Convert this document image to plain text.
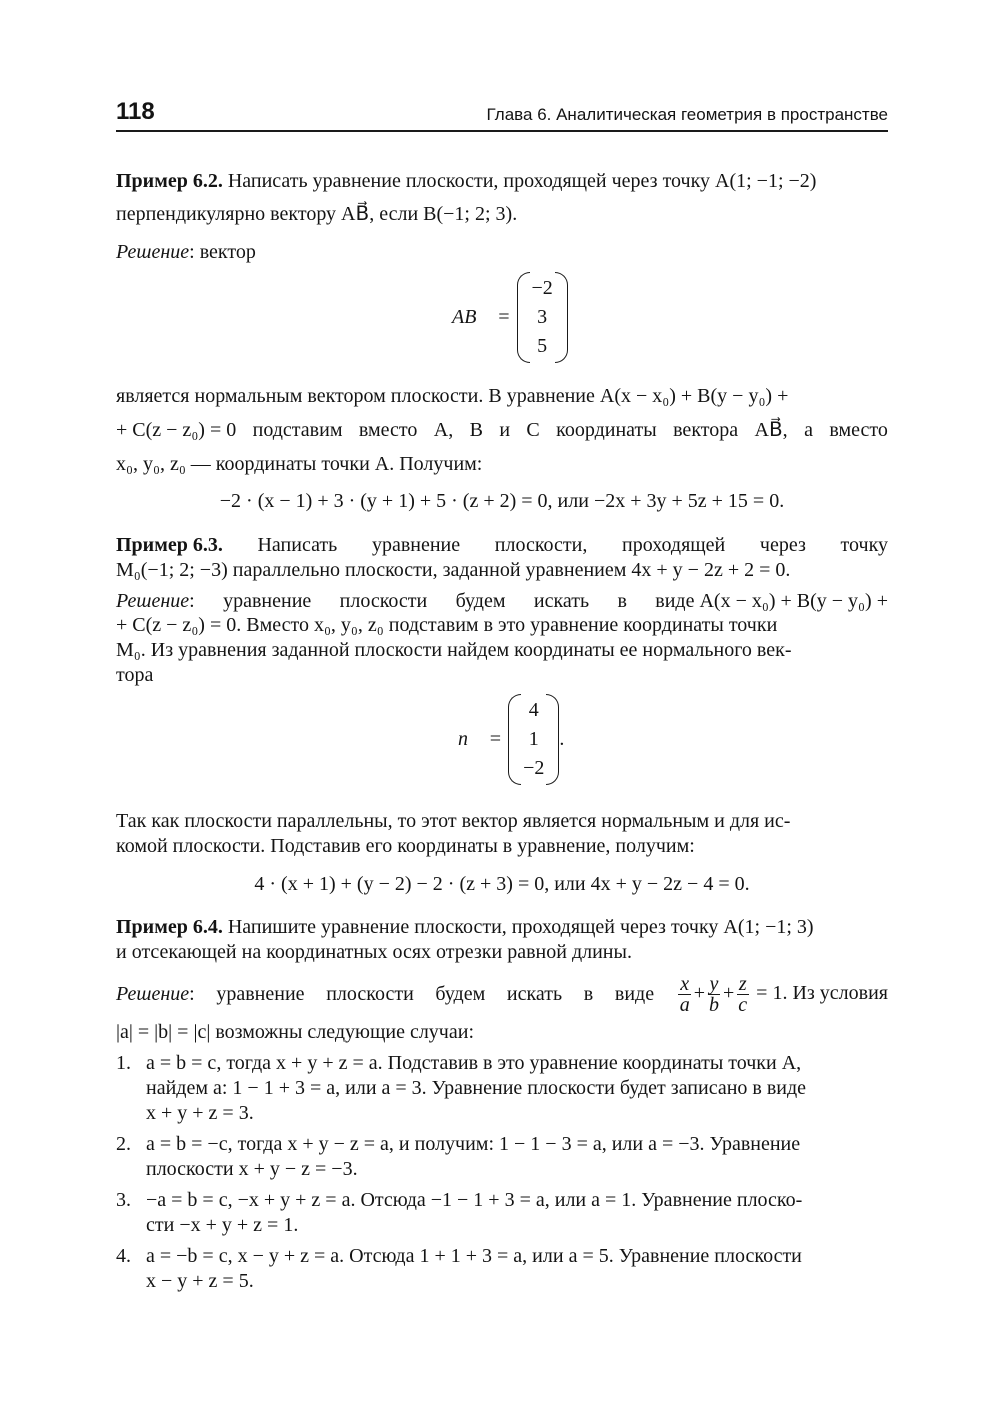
118	Глава 6. Аналитическая геометрия в пространстве
Пример 6.2. Написать уравнение плоскости, проходящей через точку A(1; −1; −2)
перпендикулярно вектору AB⃗, если B(−1; 2; 3).
Решение: вектор
AB⃗ =
−2
3
5
является нормальным вектором плоскости. В уравнение A(x − x₀) + B(y − y₀) +
+ C(z − z₀) = 0 подставим вместо A, B и C координаты вектора AB⃗, а вместо
x₀, y₀, z₀ — координаты точки A. Получим:
−2 · (x − 1) + 3 · (y + 1) + 5 · (z + 2) = 0, или −2x + 3y + 5z + 15 = 0.
Пример 6.3. Написать уравнение плоскости, проходящей через точку
M₀(−1; 2; −3) параллельно плоскости, заданной уравнением 4x + y − 2z + 2 = 0.
Решение: уравнение плоскости будем искать в виде A(x − x₀) + B(y − y₀) +
+ C(z − z₀) = 0. Вместо x₀, y₀, z₀ подставим в это уравнение координаты точки
M₀. Из уравнения заданной плоскости найдем координаты ее нормального век-
тора
n⃗ =
4
1
−2
.
Так как плоскости параллельны, то этот вектор является нормальным и для ис-
комой плоскости. Подставив его координаты в уравнение, получим:
4 · (x + 1) + (y − 2) − 2 · (z + 3) = 0, или 4x + y − 2z − 4 = 0.
Пример 6.4. Напишите уравнение плоскости, проходящей через точку A(1; −1; 3)
и отсекающей на координатных осях отрезки равной длины.
Решение: уравнение плоскости будем искать в виде $\frac{x}{a} + \frac{y}{b} + \frac{z}{c} = 1$. Из условия
|a| = |b| = |c| возможны следующие случаи:
1. a = b = c, тогда x + y + z = a. Подставив в это уравнение координаты точки A,
найдем a: 1 − 1 + 3 = a, или a = 3. Уравнение плоскости будет записано в виде
x + y + z = 3.
2. a = b = −c, тогда x + y − z = a, и получим: 1 − 1 − 3 = a, или a = −3. Уравнение
плоскости x + y − z = −3.
3. −a = b = c, −x + y + z = a. Отсюда −1 − 1 + 3 = a, или a = 1. Уравнение плоско-
сти −x + y + z = 1.
4. a = −b = c, x − y + z = a. Отсюда 1 + 1 + 3 = a, или a = 5. Уравнение плоскости
x − y + z = 5.
